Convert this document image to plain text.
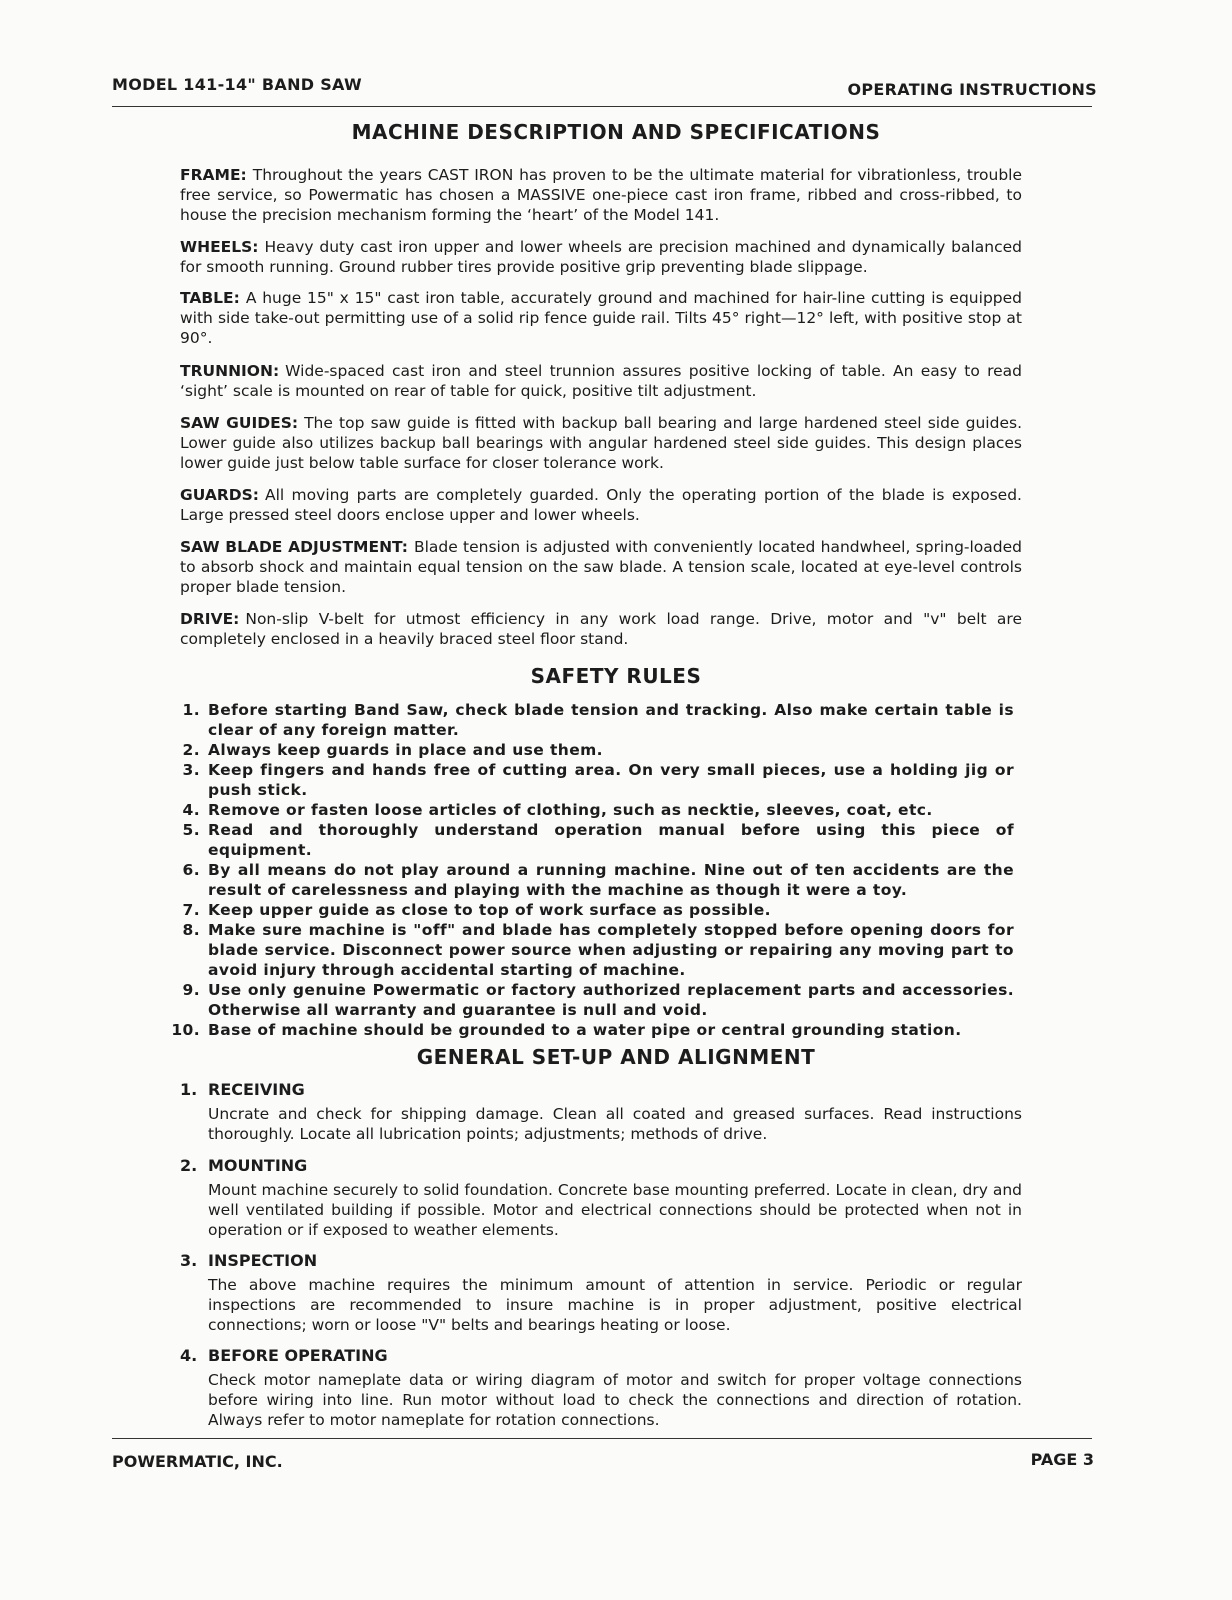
MODEL 141-14" BAND SAW	OPERATING INSTRUCTIONS
MACHINE DESCRIPTION AND SPECIFICATIONS
FRAME: Throughout the years CAST IRON has proven to be the ultimate material for vibrationless, trouble free service, so Powermatic has chosen a MASSIVE one-piece cast iron frame, ribbed and cross-ribbed, to house the precision mechanism forming the ‘heart’ of the Model 141.
WHEELS: Heavy duty cast iron upper and lower wheels are precision machined and dynamically balanced for smooth running. Ground rubber tires provide positive grip preventing blade slippage.
TABLE: A huge 15" x 15" cast iron table, accurately ground and machined for hair-line cutting is equipped with side take-out permitting use of a solid rip fence guide rail. Tilts 45° right—12° left, with positive stop at 90°.
TRUNNION: Wide-spaced cast iron and steel trunnion assures positive locking of table. An easy to read ‘sight’ scale is mounted on rear of table for quick, positive tilt adjustment.
SAW GUIDES: The top saw guide is fitted with backup ball bearing and large hardened steel side guides. Lower guide also utilizes backup ball bearings with angular hardened steel side guides. This design places lower guide just below table surface for closer tolerance work.
GUARDS: All moving parts are completely guarded. Only the operating portion of the blade is exposed. Large pressed steel doors enclose upper and lower wheels.
SAW BLADE ADJUSTMENT: Blade tension is adjusted with conveniently located handwheel, spring-loaded to absorb shock and maintain equal tension on the saw blade. A tension scale, located at eye-level controls proper blade tension.
DRIVE: Non-slip V-belt for utmost efficiency in any work load range. Drive, motor and "v" belt are completely enclosed in a heavily braced steel floor stand.
SAFETY RULES
1. Before starting Band Saw, check blade tension and tracking. Also make certain table is clear of any foreign matter.
2. Always keep guards in place and use them.
3. Keep fingers and hands free of cutting area. On very small pieces, use a holding jig or push stick.
4. Remove or fasten loose articles of clothing, such as necktie, sleeves, coat, etc.
5. Read and thoroughly understand operation manual before using this piece of equipment.
6. By all means do not play around a running machine. Nine out of ten accidents are the result of carelessness and playing with the machine as though it were a toy.
7. Keep upper guide as close to top of work surface as possible.
8. Make sure machine is "off" and blade has completely stopped before opening doors for blade service. Disconnect power source when adjusting or repairing any moving part to avoid injury through accidental starting of machine.
9. Use only genuine Powermatic or factory authorized replacement parts and accessories. Otherwise all warranty and guarantee is null and void.
10. Base of machine should be grounded to a water pipe or central grounding station.
GENERAL SET-UP AND ALIGNMENT
1. RECEIVING
Uncrate and check for shipping damage. Clean all coated and greased surfaces. Read instructions thoroughly. Locate all lubrication points; adjustments; methods of drive.
2. MOUNTING
Mount machine securely to solid foundation. Concrete base mounting preferred. Locate in clean, dry and well ventilated building if possible. Motor and electrical connections should be protected when not in operation or if exposed to weather elements.
3. INSPECTION
The above machine requires the minimum amount of attention in service. Periodic or regular inspections are recommended to insure machine is in proper adjustment, positive electrical connections; worn or loose "V" belts and bearings heating or loose.
4. BEFORE OPERATING
Check motor nameplate data or wiring diagram of motor and switch for proper voltage connections before wiring into line. Run motor without load to check the connections and direction of rotation. Always refer to motor nameplate for rotation connections.
POWERMATIC, INC.	PAGE 3
